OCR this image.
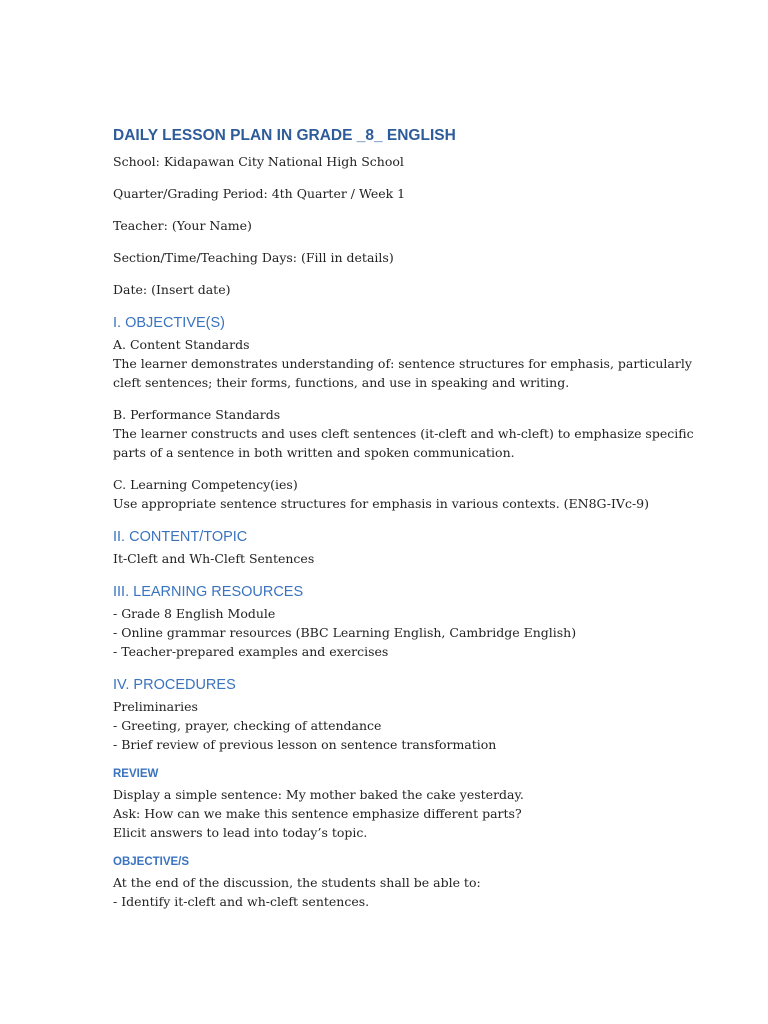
DAILY LESSON PLAN IN GRADE _8_ ENGLISH

School: Kidapawan City National High School

Quarter/Grading Period: 4th Quarter / Week 1

Teacher: (Your Name)

Section/Time/Teaching Days: (Fill in details)

Date: (Insert date)

I. OBJECTIVE(S)

A. Content Standards

The learner demonstrates understanding of: sentence structures for emphasis, particularly

cleft sentences; their forms, functions, and use in speaking and writing.

B. Performance Standards

The learner constructs and uses cleft sentences (it-cleft and wh-cleft) to emphasize specific

parts of a sentence in both written and spoken communication.

C. Learning Competency(ies)

Use appropriate sentence structures for emphasis in various contexts. (EN8G-IVc-9)

II. CONTENT/TOPIC

It-Cleft and Wh-Cleft Sentences

III. LEARNING RESOURCES

- Grade 8 English Module

- Online grammar resources (BBC Learning English, Cambridge English)

- Teacher-prepared examples and exercises

IV. PROCEDURES

Preliminaries

- Greeting, prayer, checking of attendance

- Brief review of previous lesson on sentence transformation

REVIEW

Display a simple sentence: My mother baked the cake yesterday.

Ask: How can we make this sentence emphasize different parts?

Elicit answers to lead into today’s topic.

OBJECTIVE/S

At the end of the discussion, the students shall be able to:

- Identify it-cleft and wh-cleft sentences.
